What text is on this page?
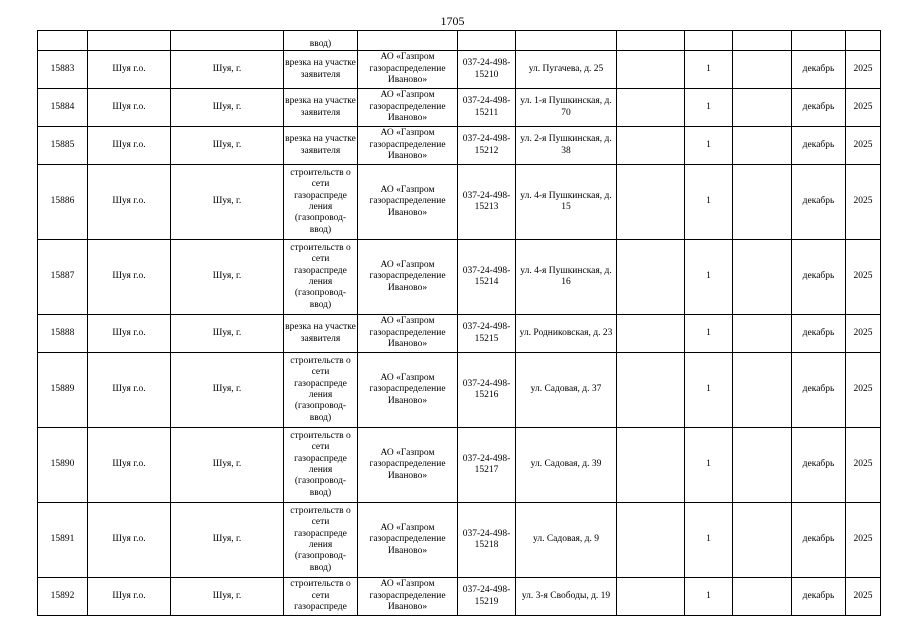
1705
			ввод)								
15883	Шуя г.о.	Шуя, г.	врезка на участке заявителя	АО «Газпром газораспределение Иваново»	037-24-498-15210	ул. Пугачева, д. 25		1		декабрь	2025
15884	Шуя г.о.	Шуя, г.	врезка на участке заявителя	АО «Газпром газораспределение Иваново»	037-24-498-15211	ул. 1-я Пушкинская, д. 70		1		декабрь	2025
15885	Шуя г.о.	Шуя, г.	врезка на участке заявителя	АО «Газпром газораспределение Иваново»	037-24-498-15212	ул. 2-я Пушкинская, д. 38		1		декабрь	2025
15886	Шуя г.о.	Шуя, г.	строительств о сети газораспреде ления (газопровод-ввод)	АО «Газпром газораспределение Иваново»	037-24-498-15213	ул. 4-я Пушкинская, д. 15		1		декабрь	2025
15887	Шуя г.о.	Шуя, г.	строительств о сети газораспреде ления (газопровод-ввод)	АО «Газпром газораспределение Иваново»	037-24-498-15214	ул. 4-я Пушкинская, д. 16		1		декабрь	2025
15888	Шуя г.о.	Шуя, г.	врезка на участке заявителя	АО «Газпром газораспределение Иваново»	037-24-498-15215	ул. Родниковская, д. 23		1		декабрь	2025
15889	Шуя г.о.	Шуя, г.	строительств о сети газораспреде ления (газопровод-ввод)	АО «Газпром газораспределение Иваново»	037-24-498-15216	ул. Садовая, д. 37		1		декабрь	2025
15890	Шуя г.о.	Шуя, г.	строительств о сети газораспреде ления (газопровод-ввод)	АО «Газпром газораспределение Иваново»	037-24-498-15217	ул. Садовая, д. 39		1		декабрь	2025
15891	Шуя г.о.	Шуя, г.	строительств о сети газораспреде ления (газопровод-ввод)	АО «Газпром газораспределение Иваново»	037-24-498-15218	ул. Садовая, д. 9		1		декабрь	2025
15892	Шуя г.о.	Шуя, г.	строительств о сети газораспреде	АО «Газпром газораспределение Иваново»	037-24-498-15219	ул. 3-я Свободы, д. 19		1		декабрь	2025
